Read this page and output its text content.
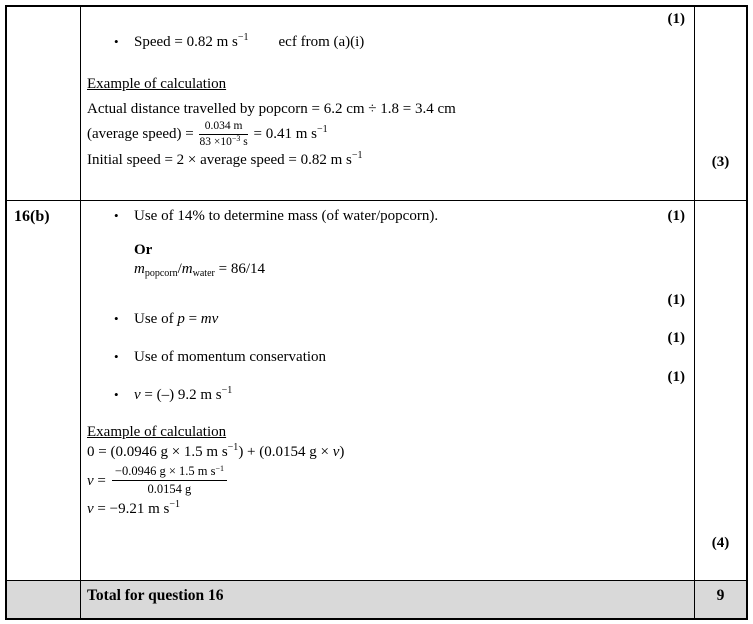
(1)
•	Speed = 0.82 m $s^{-1}$ ecf from (a)(i)
Example of calculation
Actual distance travelled by popcorn = 6.2 cm ÷ 1.8 = 3.4 cm
(average speed) = $\frac{0.034 m}{83 \times 10^{-3} s} = 0.41$ m $s^{-1}$
Initial speed = 2 × average speed = 0.82 m $s^{-1}$	(3)
16(b)	•	Use of 14% to determine mass (of water/popcorn).	(1)
Or
$m_{popcorn}/m_{water} = 86/14$
(1)
•	Use of p = mv
(1)
•	Use of momentum conservation
(1)
•	v = (–) 9.2 m $s^{-1}$
Example of calculation
0 = (0.0946 g × 1.5 m $s^{-1}) + (0.0154$ g × v)
$v = \frac{-0.0946 g \times 1.5 m s^{-1}}{0.0154 g}$
v = −9.21 m $s^{-1}$
(4)
Total for question 16	9
